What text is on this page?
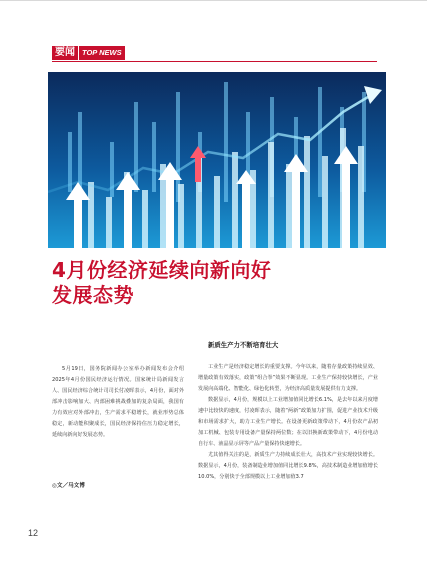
要闻 TOP NEWS
4月份经济延续向新向好
发展态势
新质生产力不断培育壮大
5月19日，国务院新闻办公室举办新闻发布会介绍2025年4月份国民经济运行情况。国家统计局新闻发言人、国民经济综合统计司司长付凌晖表示，4月份，面对外部冲击影响加大、内部困难挑战叠加的复杂局面，我国有力有效应对外部冲击，生产需求平稳增长，就业形势总体稳定，新动能积聚成长，国民经济保持住压力稳定增长，延续向新向好发展态势。
◎文／马文博

工业生产是经济稳定增长的重要支撑。今年以来，随着存量政策持续显效、增量政策有效落实，政策“组合拳”效果不断显现。工业生产保持较快增长，产业发展向高端化、智能化、绿色化转型，为经济高质量发展提供有力支撑。

数据显示，4月份，规模以上工业增加值同比增长6.1%，是去年以来月度增速中比较快的速度，付凌晖表示，随着“两新”政策加力扩围，促进产业技术升级和市场需求扩大，助力工业生产增长。在设备更新政策带动下，4月份农产品初加工机械、包装专用设备产量保持两位数；在以旧换新政策带动下，4月份电动自行车、液晶显示屏等产品产量保持快速增长。

尤其值得关注的是，新质生产力持续成长壮大，高技术产业实现较快增长。数据显示，4月份，装备制造业增加值同比增长9.8%，高技术制造业增加值增长10.0%，分别快于全部规模以上工业增加值3.7

12
